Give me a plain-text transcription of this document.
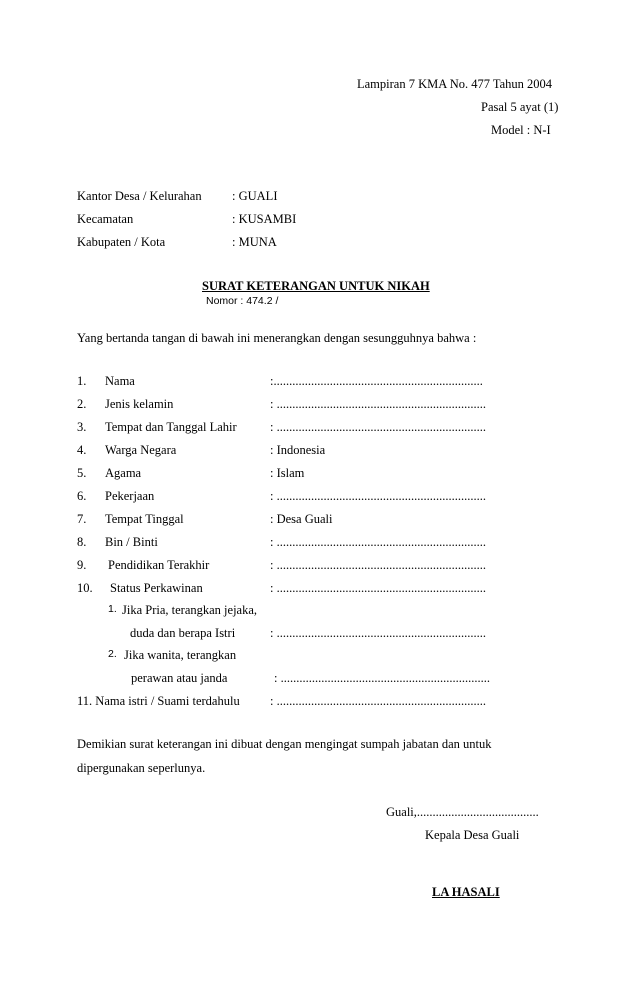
Lampiran 7 KMA No. 477 Tahun 2004
Pasal 5 ayat (1)
Model : N-I
Kantor Desa / Kelurahan : GUALI
Kecamatan	: KUSAMBI
Kabupaten / Kota	: MUNA
SURAT KETERANGAN UNTUK NIKAH
Nomor : 474.2 /
Yang bertanda tangan di bawah ini menerangkan dengan sesungguhnya bahwa :
1. Nama	:...................................................................
2. Jenis kelamin	: ...................................................................
3. Tempat dan Tanggal Lahir	: ...................................................................
4. Warga Negara	: Indonesia
5. Agama	: Islam
6. Pekerjaan	: ...................................................................
7. Tempat Tinggal	: Desa Guali
8. Bin / Binti	: ...................................................................
9. Pendidikan Terakhir	: ...................................................................
10. Status Perkawinan	: ...................................................................
1. Jika Pria, terangkan jejaka,
duda dan berapa Istri	: ...................................................................
2. Jika wanita, terangkan
perawan atau janda	: ...................................................................
11. Nama istri / Suami terdahulu : ...................................................................
Demikian surat keterangan ini dibuat dengan mengingat sumpah jabatan dan untuk
dipergunakan seperlunya.
Guali,.......................................
Kepala Desa Guali
LA HASALI
